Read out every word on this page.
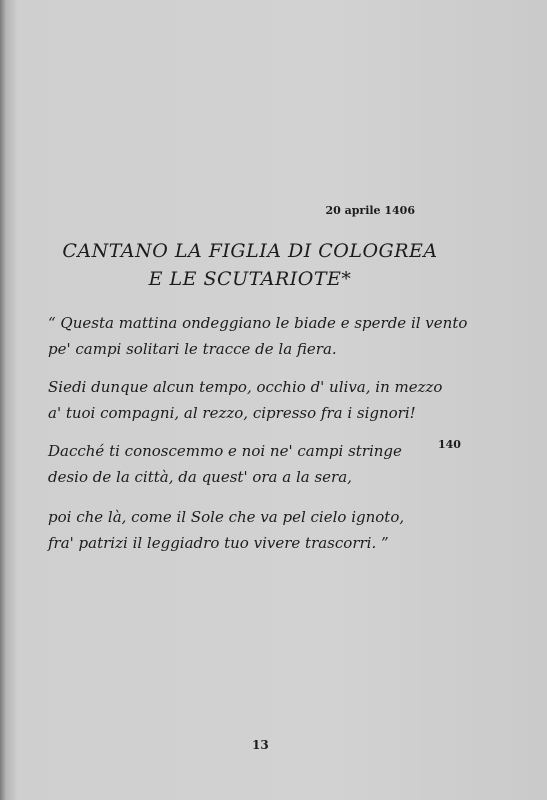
20 aprile 1406
CANTANO LA FIGLIA DI COLOGREA
E LE SCUTARIOTE*
“ Questa mattina ondeggiano le biade e sperde il vento
pe' campi solitari le tracce de la fiera.
Siedi dunque alcun tempo, occhio d' uliva, in mezzo
a' tuoi compagni, al rezzo, cipresso fra i signori!
Dacché ti conoscemmo e noi ne' campi stringe
desio de la città, da quest' ora a la sera,
poi che là, come il Sole che va pel cielo ignoto,
fra' patrizi il leggiadro tuo vivere trascorri. ”
140
13
